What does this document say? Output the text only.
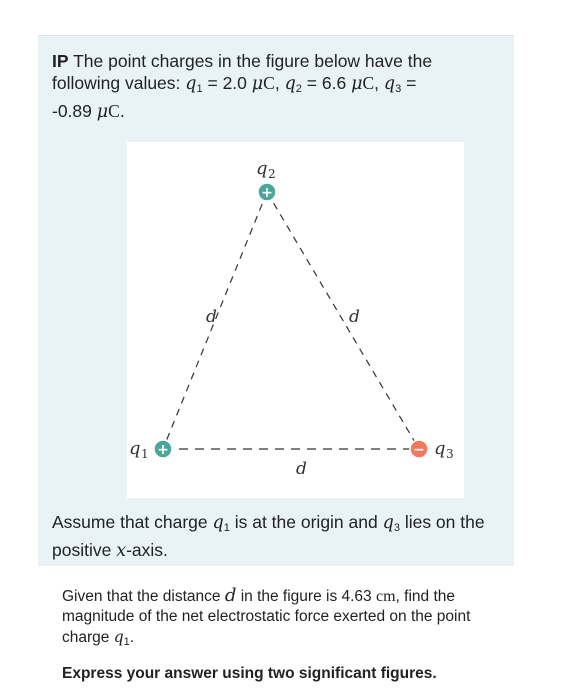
IP The point charges in the figure below have the following values: $q_1 = 2.0$ μC, $q_2 = 6.6$ μC, $q_3$ =
-0.89 μC.
+
+	−
q 2
q 1	q 3
d	d
d
Assume that charge $q_1$ is at the origin and $q_3$ lies on the positive x-axis.
Given that the distance d in the figure is 4.63 cm, find the magnitude of the net electrostatic force exerted on the point charge $q_1$.
Express your answer using two significant figures.
